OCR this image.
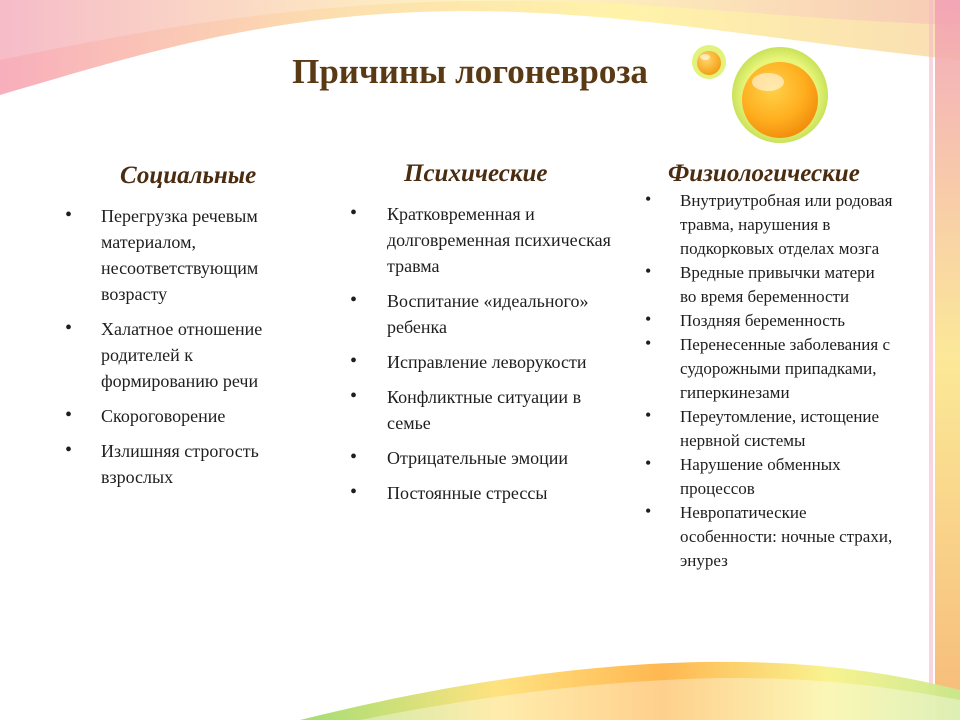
Причины логоневроза
Социальные	Психические	Физиологические
• Перегрузка речевым материалом, несоответствующим возрасту
• Халатное отношение родителей к формированию речи
• Скороговорение
• Излишняя строгость взрослых
• Кратковременная и долговременная психическая травма
• Воспитание «идеального» ребенка
• Исправление леворукости
• Конфликтные ситуации в семье
• Отрицательные эмоции
• Постоянные стрессы
• Внутриутробная или родовая травма, нарушения в подкорковых отделах мозга
• Вредные привычки матери во время беременности
• Поздняя беременность
• Перенесенные заболевания с судорожными припадками, гиперкинезами
• Переутомление, истощение нервной системы
• Нарушение обменных процессов
• Невропатические особенности: ночные страхи, энурез
